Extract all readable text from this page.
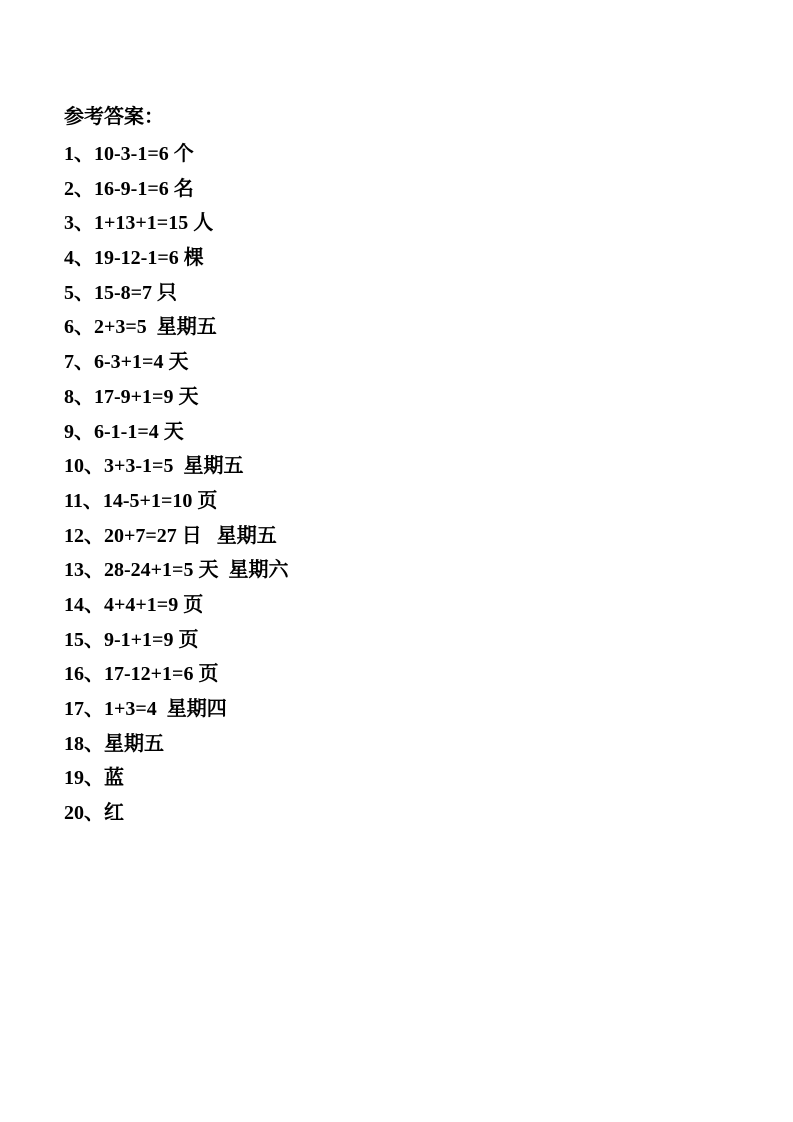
参考答案：
1、10-3-1=6 个
2、16-9-1=6 名
3、1+13+1=15 人
4、19-12-1=6 棵
5、15-8=7 只
6、2+3=5  星期五
7、6-3+1=4 天
8、17-9+1=9 天
9、6-1-1=4 天
10、3+3-1=5  星期五
11、14-5+1=10 页
12、20+7=27 日   星期五
13、28-24+1=5 天  星期六
14、4+4+1=9 页
15、9-1+1=9 页
16、17-12+1=6 页
17、1+3=4  星期四
18、星期五
19、蓝
20、红
